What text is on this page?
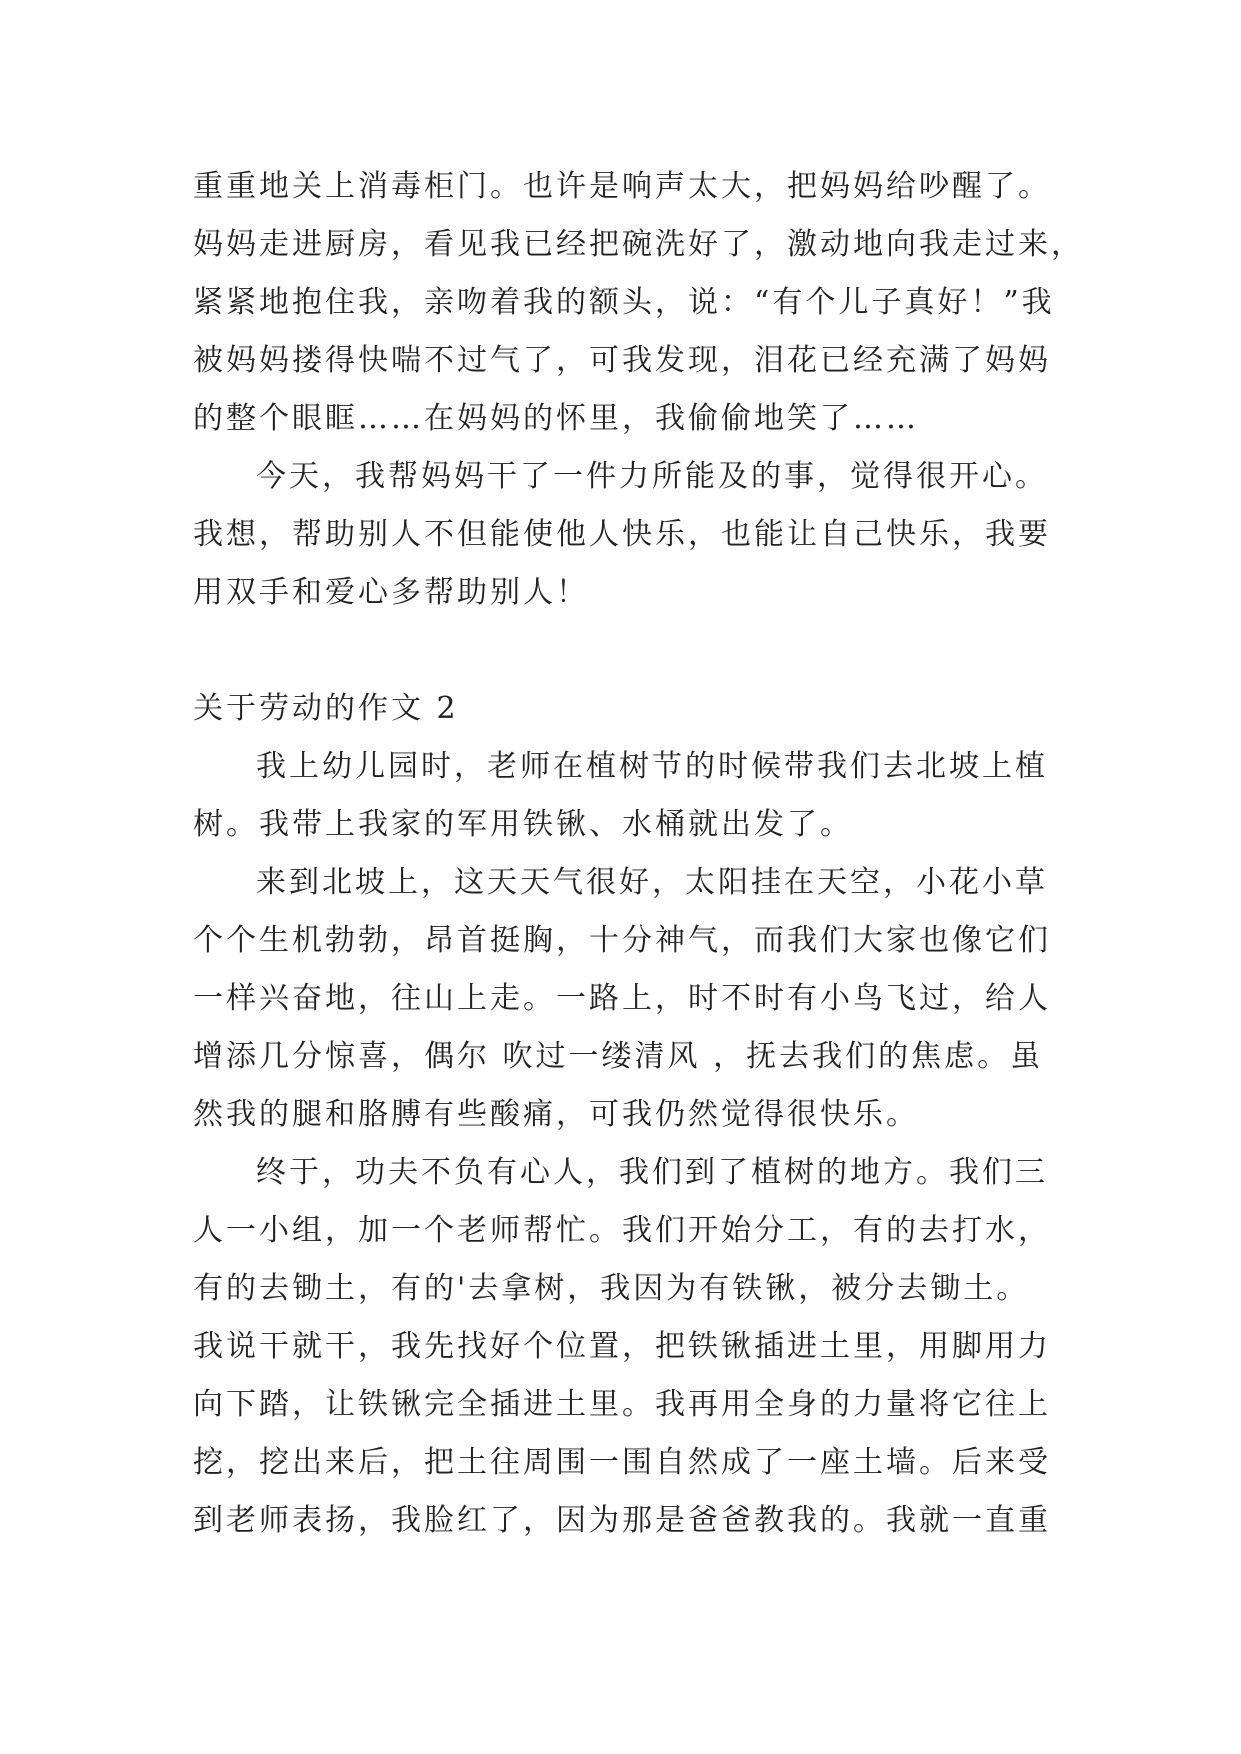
重重地关上消毒柜门。也许是响声太大，把妈妈给吵醒了。
妈妈走进厨房，看见我已经把碗洗好了，激动地向我走过来，
紧紧地抱住我，亲吻着我的额头，说：“有个儿子真好！”我
被妈妈搂得快喘不过气了，可我发现，泪花已经充满了妈妈
的整个眼眶……在妈妈的怀里，我偷偷地笑了……
今天，我帮妈妈干了一件力所能及的事，觉得很开心。
我想，帮助别人不但能使他人快乐，也能让自己快乐，我要
用双手和爱心多帮助别人！
关于劳动的作文 2
我上幼儿园时，老师在植树节的时候带我们去北坡上植
树。我带上我家的军用铁锹、水桶就出发了。
来到北坡上，这天天气很好，太阳挂在天空，小花小草
个个生机勃勃，昂首挺胸，十分神气，而我们大家也像它们
一样兴奋地，往山上走。一路上，时不时有小鸟飞过，给人
增添几分惊喜，偶尔 吹过一缕清风 ，抚去我们的焦虑。虽
然我的腿和胳膊有些酸痛，可我仍然觉得很快乐。
终于，功夫不负有心人，我们到了植树的地方。我们三
人一小组，加一个老师帮忙。我们开始分工，有的去打水，
有的去锄土，有的'去拿树，我因为有铁锹，被分去锄土。
我说干就干，我先找好个位置，把铁锹插进土里，用脚用力
向下踏，让铁锹完全插进土里。我再用全身的力量将它往上
挖，挖出来后，把土往周围一围自然成了一座土墙。后来受
到老师表扬，我脸红了，因为那是爸爸教我的。我就一直重
